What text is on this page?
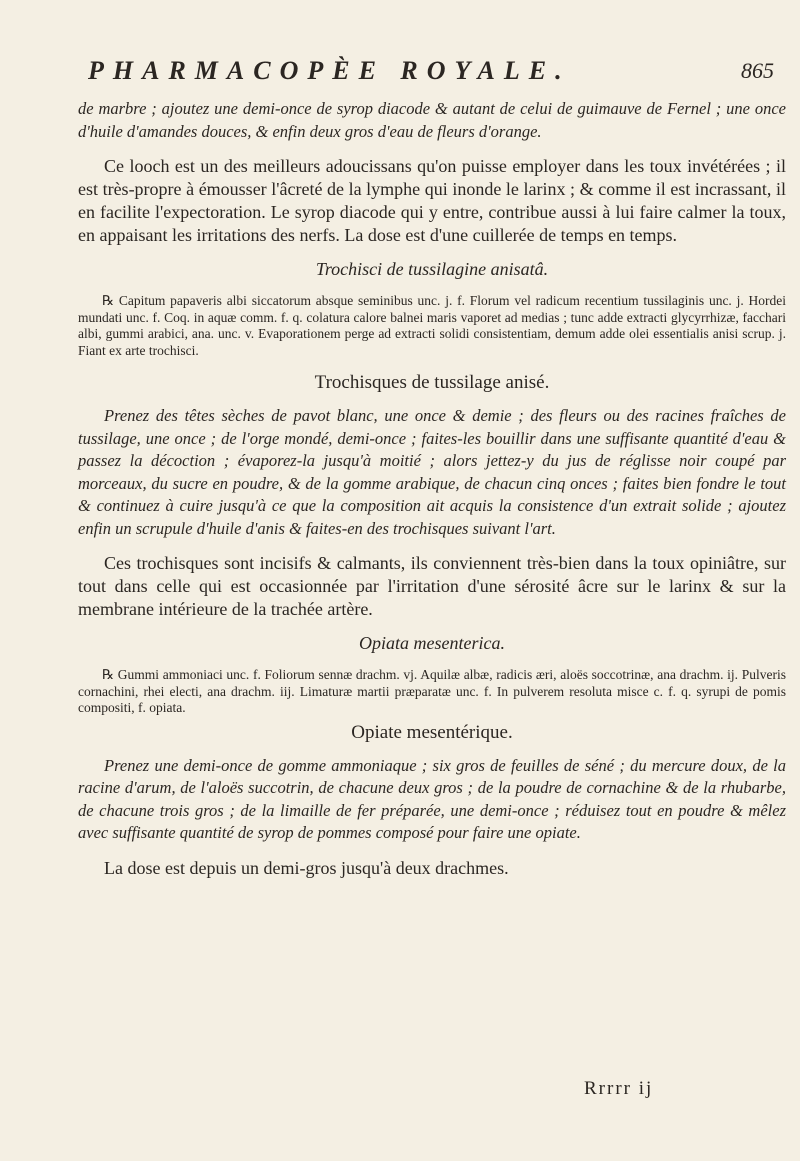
PHARMACOPÈE ROYALE.	865

de marbre ; ajoutez une demi-once de syrop diacode & autant de celui de guimauve de Fernel ; une once d'huile d'amandes douces, & enfin deux gros d'eau de fleurs d'orange.

Ce looch est un des meilleurs adoucissans qu'on puisse employer dans les toux invétérées ; il est très-propre à émousser l'âcreté de la lymphe qui inonde le larinx ; & comme il est incrassant, il en facilite l'expectoration. Le syrop diacode qui y entre, contribue aussi à lui faire calmer la toux, en appaisant les irritations des nerfs. La dose est d'une cuillerée de temps en temps.

Trochisci de tussilagine anisatâ.

℞ Capitum papaveris albi siccatorum absque seminibus unc. j. f. Florum vel radicum recentium tussilaginis unc. j. Hordei mundati unc. f. Coq. in aquæ comm. f. q. colatura calore balnei maris vaporet ad medias ; tunc adde extracti glycyrrhizæ, facchari albi, gummi arabici, ana. unc. v. Evaporationem perge ad extracti solidi consistentiam, demum adde olei essentialis anisi scrup. j. Fiant ex arte trochisci.

Trochisques de tussilage anisé.

Prenez des têtes sèches de pavot blanc, une once & demie ; des fleurs ou des racines fraîches de tussilage, une once ; de l'orge mondé, demi-once ; faites-les bouillir dans une suffisante quantité d'eau & passez la décoction ; évaporez-la jusqu'à moitié ; alors jettez-y du jus de réglisse noir coupé par morceaux, du sucre en poudre, & de la gomme arabique, de chacun cinq onces ; faites bien fondre le tout & continuez à cuire jusqu'à ce que la composition ait acquis la consistence d'un extrait solide ; ajoutez enfin un scrupule d'huile d'anis & faites-en des trochisques suivant l'art.

Ces trochisques sont incisifs & calmants, ils conviennent très-bien dans la toux opiniâtre, sur tout dans celle qui est occasionnée par l'irritation d'une sérosité âcre sur le larinx & sur la membrane intérieure de la trachée artère.

Opiata mesenterica.

℞ Gummi ammoniaci unc. f. Foliorum sennæ drachm. vj. Aquilæ albæ, radicis æri, aloës soccotrinæ, ana drachm. ij. Pulveris cornachini, rhei electi, ana drachm. iij. Limaturæ martii præparatæ unc. f. In pulverem resoluta misce c. f. q. syrupi de pomis compositi, f. opiata.

Opiate mesentérique.

Prenez une demi-once de gomme ammoniaque ; six gros de feuilles de séné ; du mercure doux, de la racine d'arum, de l'aloës succotrin, de chacune deux gros ; de la poudre de cornachine & de la rhubarbe, de chacune trois gros ; de la limaille de fer préparée, une demi-once ; réduisez tout en poudre & mêlez avec suffisante quantité de syrop de pommes composé pour faire une opiate.

La dose est depuis un demi-gros jusqu'à deux drachmes.

Rrrrr ij
